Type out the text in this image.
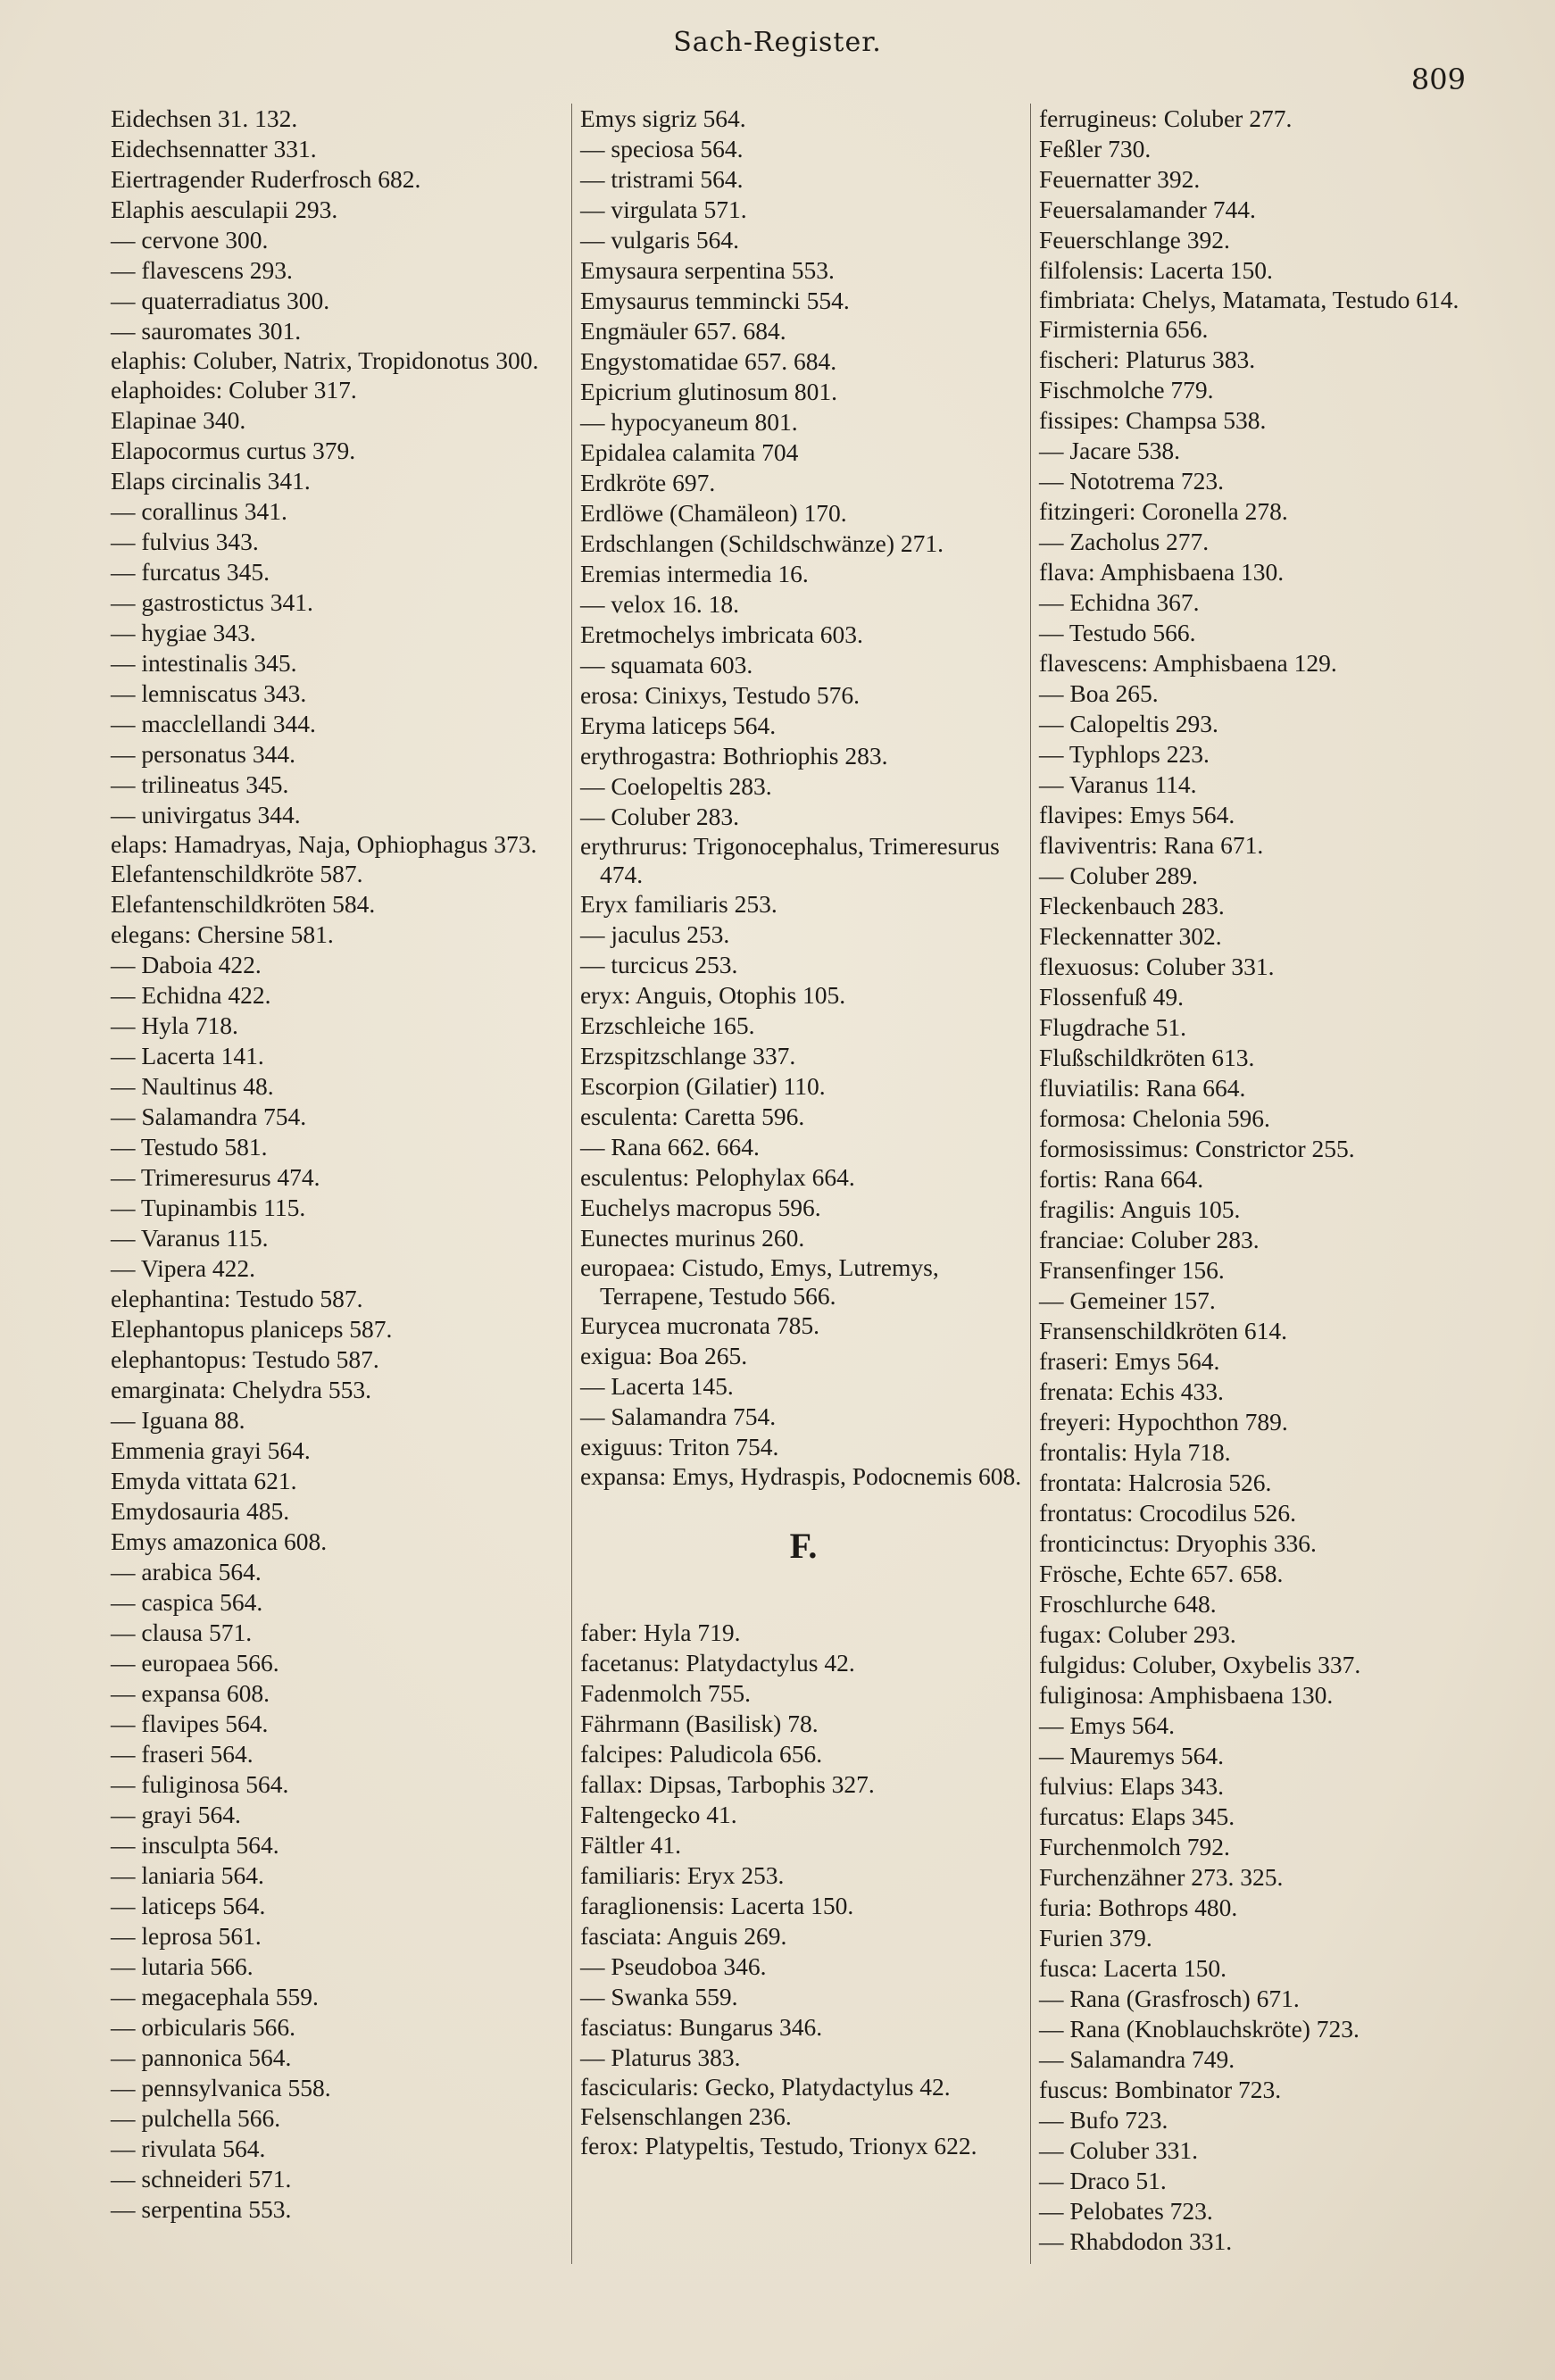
Sach-Register.
809
Eidechsen 31. 132.
Eidechsennatter 331.
Eiertragender Ruderfrosch 682.
Elaphis aesculapii 293.
— cervone 300.
— flavescens 293.
— quaterradiatus 300.
— sauromates 301.
elaphis: Coluber, Natrix, Tropidonotus 300.
elaphoides: Coluber 317.
Elapinae 340.
Elapocormus curtus 379.
Elaps circinalis 341.
— corallinus 341.
— fulvius 343.
— furcatus 345.
— gastrostictus 341.
— hygiae 343.
— intestinalis 345.
— lemniscatus 343.
— macclellandi 344.
— personatus 344.
— trilineatus 345.
— univirgatus 344.
elaps: Hamadryas, Naja, Ophiophagus 373.
Elefantenschildkröte 587.
Elefantenschildkröten 584.
elegans: Chersine 581.
— Daboia 422.
— Echidna 422.
— Hyla 718.
— Lacerta 141.
— Naultinus 48.
— Salamandra 754.
— Testudo 581.
— Trimeresurus 474.
— Tupinambis 115.
— Varanus 115.
— Vipera 422.
elephantina: Testudo 587.
Elephantopus planiceps 587.
elephantopus: Testudo 587.
emarginata: Chelydra 553.
— Iguana 88.
Emmenia grayi 564.
Emyda vittata 621.
Emydosauria 485.
Emys amazonica 608.
— arabica 564.
— caspica 564.
— clausa 571.
— europaea 566.
— expansa 608.
— flavipes 564.
— fraseri 564.
— fuliginosa 564.
— grayi 564.
— insculpta 564.
— laniaria 564.
— laticeps 564.
— leprosa 561.
— lutaria 566.
— megacephala 559.
— orbicularis 566.
— pannonica 564.
— pennsylvanica 558.
— pulchella 566.
— rivulata 564.
— schneideri 571.
— serpentina 553.
Emys sigriz 564.
— speciosa 564.
— tristrami 564.
— virgulata 571.
— vulgaris 564.
Emysaura serpentina 553.
Emysaurus temmincki 554.
Engmäuler 657. 684.
Engystomatidae 657. 684.
Epicrium glutinosum 801.
— hypocyaneum 801.
Epidalea calamita 704
Erdkröte 697.
Erdlöwe (Chamäleon) 170.
Erdschlangen (Schildschwänze) 271.
Eremias intermedia 16.
— velox 16. 18.
Eretmochelys imbricata 603.
— squamata 603.
erosa: Cinixys, Testudo 576.
Eryma laticeps 564.
erythrogastra: Bothriophis 283.
— Coelopeltis 283.
— Coluber 283.
erythrurus: Trigonocephalus, Trimeresurus 474.
Eryx familiaris 253.
— jaculus 253.
— turcicus 253.
eryx: Anguis, Otophis 105.
Erzschleiche 165.
Erzspitzschlange 337.
Escorpion (Gilatier) 110.
esculenta: Caretta 596.
— Rana 662. 664.
esculentus: Pelophylax 664.
Euchelys macropus 596.
Eunectes murinus 260.
europaea: Cistudo, Emys, Lutremys, Terrapene, Testudo 566.
Eurycea mucronata 785.
exigua: Boa 265.
— Lacerta 145.
— Salamandra 754.
exiguus: Triton 754.
expansa: Emys, Hydraspis, Podocnemis 608.
F.
faber: Hyla 719.
facetanus: Platydactylus 42.
Fadenmolch 755.
Fährmann (Basilisk) 78.
falcipes: Paludicola 656.
fallax: Dipsas, Tarbophis 327.
Faltengecko 41.
Fältler 41.
familiaris: Eryx 253.
faraglionensis: Lacerta 150.
fasciata: Anguis 269.
— Pseudoboa 346.
— Swanka 559.
fasciatus: Bungarus 346.
— Platurus 383.
fascicularis: Gecko, Platydactylus 42.
Felsenschlangen 236.
ferox: Platypeltis, Testudo, Trionyx 622.
ferrugineus: Coluber 277.
Feßler 730.
Feuernatter 392.
Feuersalamander 744.
Feuerschlange 392.
filfolensis: Lacerta 150.
fimbriata: Chelys, Matamata, Testudo 614.
Firmisternia 656.
fischeri: Platurus 383.
Fischmolche 779.
fissipes: Champsa 538.
— Jacare 538.
— Nototrema 723.
fitzingeri: Coronella 278.
— Zacholus 277.
flava: Amphisbaena 130.
— Echidna 367.
— Testudo 566.
flavescens: Amphisbaena 129.
— Boa 265.
— Calopeltis 293.
— Typhlops 223.
— Varanus 114.
flavipes: Emys 564.
flaviventris: Rana 671.
— Coluber 289.
Fleckenbauch 283.
Fleckennatter 302.
flexuosus: Coluber 331.
Flossenfuß 49.
Flugdrache 51.
Flußschildkröten 613.
fluviatilis: Rana 664.
formosa: Chelonia 596.
formosissimus: Constrictor 255.
fortis: Rana 664.
fragilis: Anguis 105.
franciae: Coluber 283.
Fransenfinger 156.
— Gemeiner 157.
Fransenschildkröten 614.
fraseri: Emys 564.
frenata: Echis 433.
freyeri: Hypochthon 789.
frontalis: Hyla 718.
frontata: Halcrosia 526.
frontatus: Crocodilus 526.
fronticinctus: Dryophis 336.
Frösche, Echte 657. 658.
Froschlurche 648.
fugax: Coluber 293.
fulgidus: Coluber, Oxybelis 337.
fuliginosa: Amphisbaena 130.
— Emys 564.
— Mauremys 564.
fulvius: Elaps 343.
furcatus: Elaps 345.
Furchenmolch 792.
Furchenzähner 273. 325.
furia: Bothrops 480.
Furien 379.
fusca: Lacerta 150.
— Rana (Grasfrosch) 671.
— Rana (Knoblauchskröte) 723.
— Salamandra 749.
fuscus: Bombinator 723.
— Bufo 723.
— Coluber 331.
— Draco 51.
— Pelobates 723.
— Rhabdodon 331.
